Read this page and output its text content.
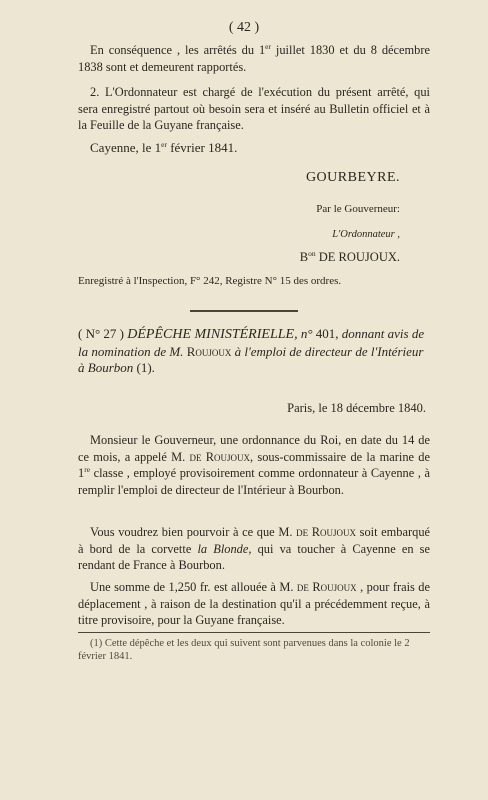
( 42 )

En conséquence , les arrêtés du 1er juillet 1830 et du 8 décembre 1838 sont et demeurent rapportés.

2. L'Ordonnateur est chargé de l'exécution du présent arrêté, qui sera enregistré partout où besoin sera et inséré au Bulletin officiel et à la Feuille de la Guyane française.

Cayenne, le 1er février 1841.

GOURBEYRE.

Par le Gouverneur:

L'Ordonnateur ,

$B^{on}$ DE ROUJOUX.

Enregistré à l'Inspection, F° 242, Registre N° 15 des ordres.

( N° 27 ) DÉPÊCHE MINISTÉRIELLE, n° 401, donnant avis de la nomination de M. Roujoux à l'emploi de directeur de l'Intérieur à Bourbon (1).

Paris, le 18 décembre 1840.

Monsieur le Gouverneur, une ordonnance du Roi, en date du 14 de ce mois, a appelé M. de Roujoux, sous-commissaire de la marine de 1re classe , employé provisoirement comme ordonnateur à Cayenne , à remplir l'emploi de directeur de l'Intérieur à Bourbon.

Vous voudrez bien pourvoir à ce que M. de Roujoux soit embarqué à bord de la corvette la Blonde, qui va toucher à Cayenne en se rendant de France à Bourbon.

Une somme de 1,250 fr. est allouée à M. de Roujoux , pour frais de déplacement , à raison de la destination qu'il a précédemment reçue, à titre provisoire, pour la Guyane française.

(1) Cette dépêche et les deux qui suivent sont parvenues dans la colonie le 2 février 1841.
